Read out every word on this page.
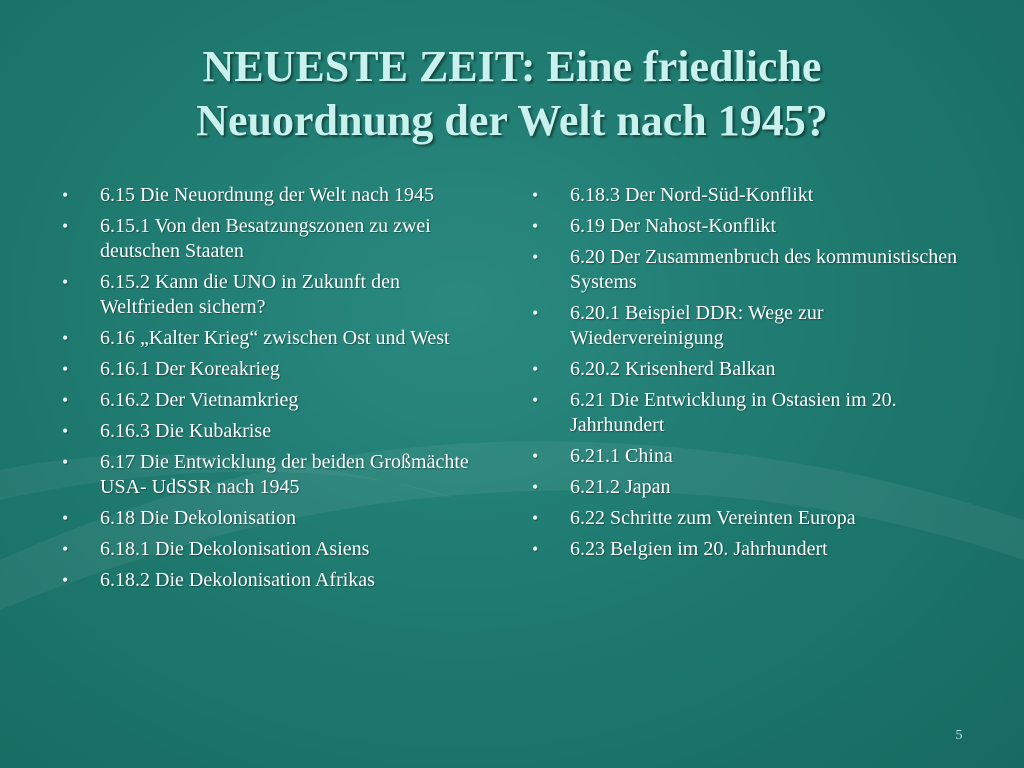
NEUESTE ZEIT: Eine friedliche
Neuordnung der Welt nach 1945?
• 6.15 Die Neuordnung der Welt nach 1945
• 6.15.1 Von den Besatzungszonen zu zwei deutschen Staaten
• 6.15.2 Kann die UNO in Zukunft den Weltfrieden sichern?
• 6.16 „Kalter Krieg“ zwischen Ost und West
• 6.16.1 Der Koreakrieg
• 6.16.2 Der Vietnamkrieg
• 6.16.3 Die Kubakrise
• 6.17 Die Entwicklung der beiden Großmächte USA- UdSSR nach 1945
• 6.18 Die Dekolonisation
• 6.18.1 Die Dekolonisation Asiens
• 6.18.2 Die Dekolonisation Afrikas
• 6.18.3 Der Nord-Süd-Konflikt
• 6.19 Der Nahost-Konflikt
• 6.20 Der Zusammenbruch des kommunistischen Systems
• 6.20.1 Beispiel DDR: Wege zur Wiedervereinigung
• 6.20.2 Krisenherd Balkan
• 6.21 Die Entwicklung in Ostasien im 20. Jahrhundert
• 6.21.1 China
• 6.21.2 Japan
• 6.22 Schritte zum Vereinten Europa
• 6.23 Belgien im 20. Jahrhundert
5
